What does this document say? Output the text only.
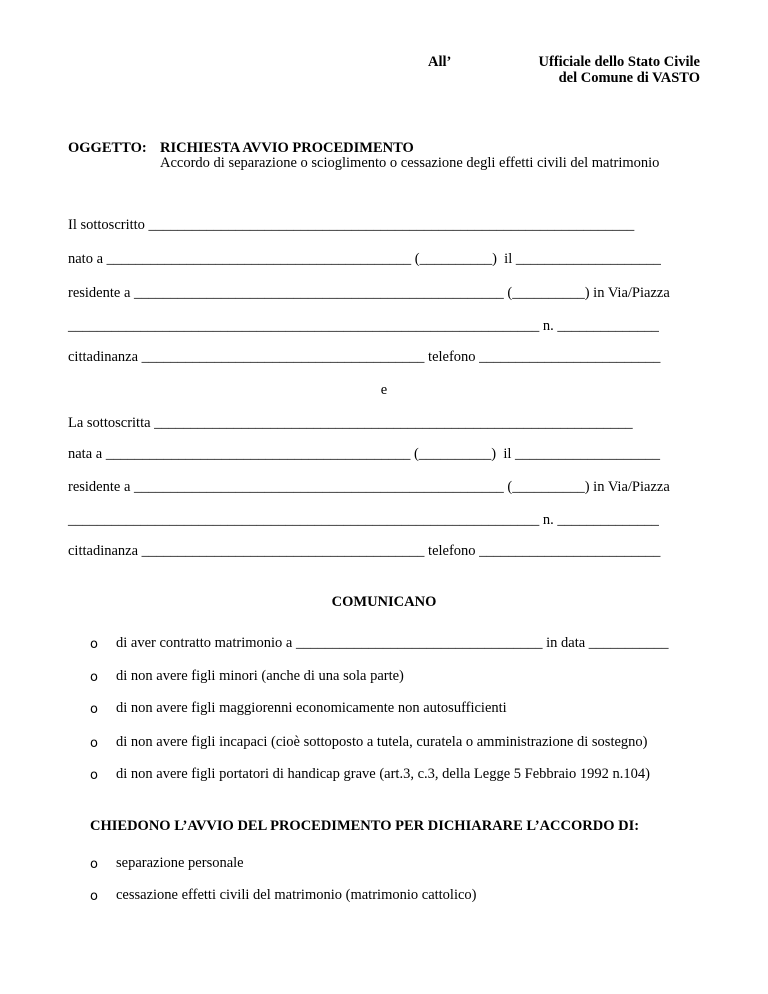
All’	Ufficiale dello Stato Civile

del Comune di VASTO

OGGETTO: RICHIESTA AVVIO PROCEDIMENTO

Accordo di separazione o scioglimento o cessazione degli effetti civili del matrimonio

Il sottoscritto ___________________________________________________________________

nato a __________________________________________ (__________)  il ____________________

residente a ___________________________________________________ (__________) in Via/Piazza

_________________________________________________________________ n. ______________

cittadinanza _______________________________________ telefono _________________________

e

La sottoscritta __________________________________________________________________

nata a __________________________________________ (__________)  il ____________________

residente a ___________________________________________________ (__________) in Via/Piazza

_________________________________________________________________ n. ______________

cittadinanza _______________________________________ telefono _________________________

COMUNICANO

o di aver contratto matrimonio a __________________________________ in data ___________

o di non avere figli minori (anche di una sola parte)

o di non avere figli maggiorenni economicamente non autosufficienti

o di non avere figli incapaci (cioè sottoposto a tutela, curatela o amministrazione di sostegno)

o di non avere figli portatori di handicap grave (art.3, c.3, della Legge 5 Febbraio 1992 n.104)

CHIEDONO L’AVVIO DEL PROCEDIMENTO PER DICHIARARE L’ACCORDO DI:

o separazione personale

o cessazione effetti civili del matrimonio (matrimonio cattolico)
